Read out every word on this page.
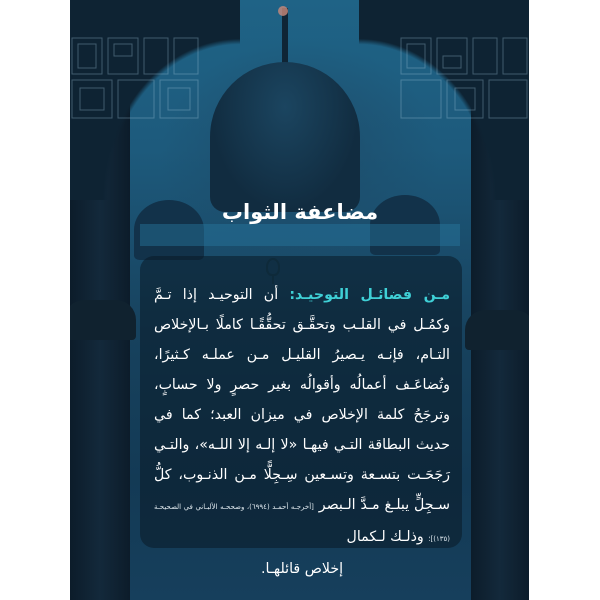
مضاعفة الثواب
مـن فضائـل التوحيـد: أن التوحيـد إذا تـمَّ وكمُـل في القلـب وتحقَّـق تحقُّقًـا كاملًا بـالإخلاص التـام، فإنـه يـصيرُ القليـل مـن عملـه كـثيرًا، وتُضاعَـف أعمالُه وأقوالُه بغير حصرٍ ولا حسابٍ، وترجَحُ كلمة الإخلاص في ميزان العبد؛ كما في حديث البطاقة التـي فيهـا «لا إلـه إلا اللـه»، والتـي رَجَحَـت بتسـعة وتسـعين سِـجِلًّا مـن الذنـوب، كلُّ سـجِلٍّ يبلـغ مـدَّ الـبصر [أخرجـه أحمـد (٦٩٩٤)، وصححـه الألبـاني في الصحيحـة (١٣٥)]؛ وذلـك لـكمال
إخلاص قائلهـا.
